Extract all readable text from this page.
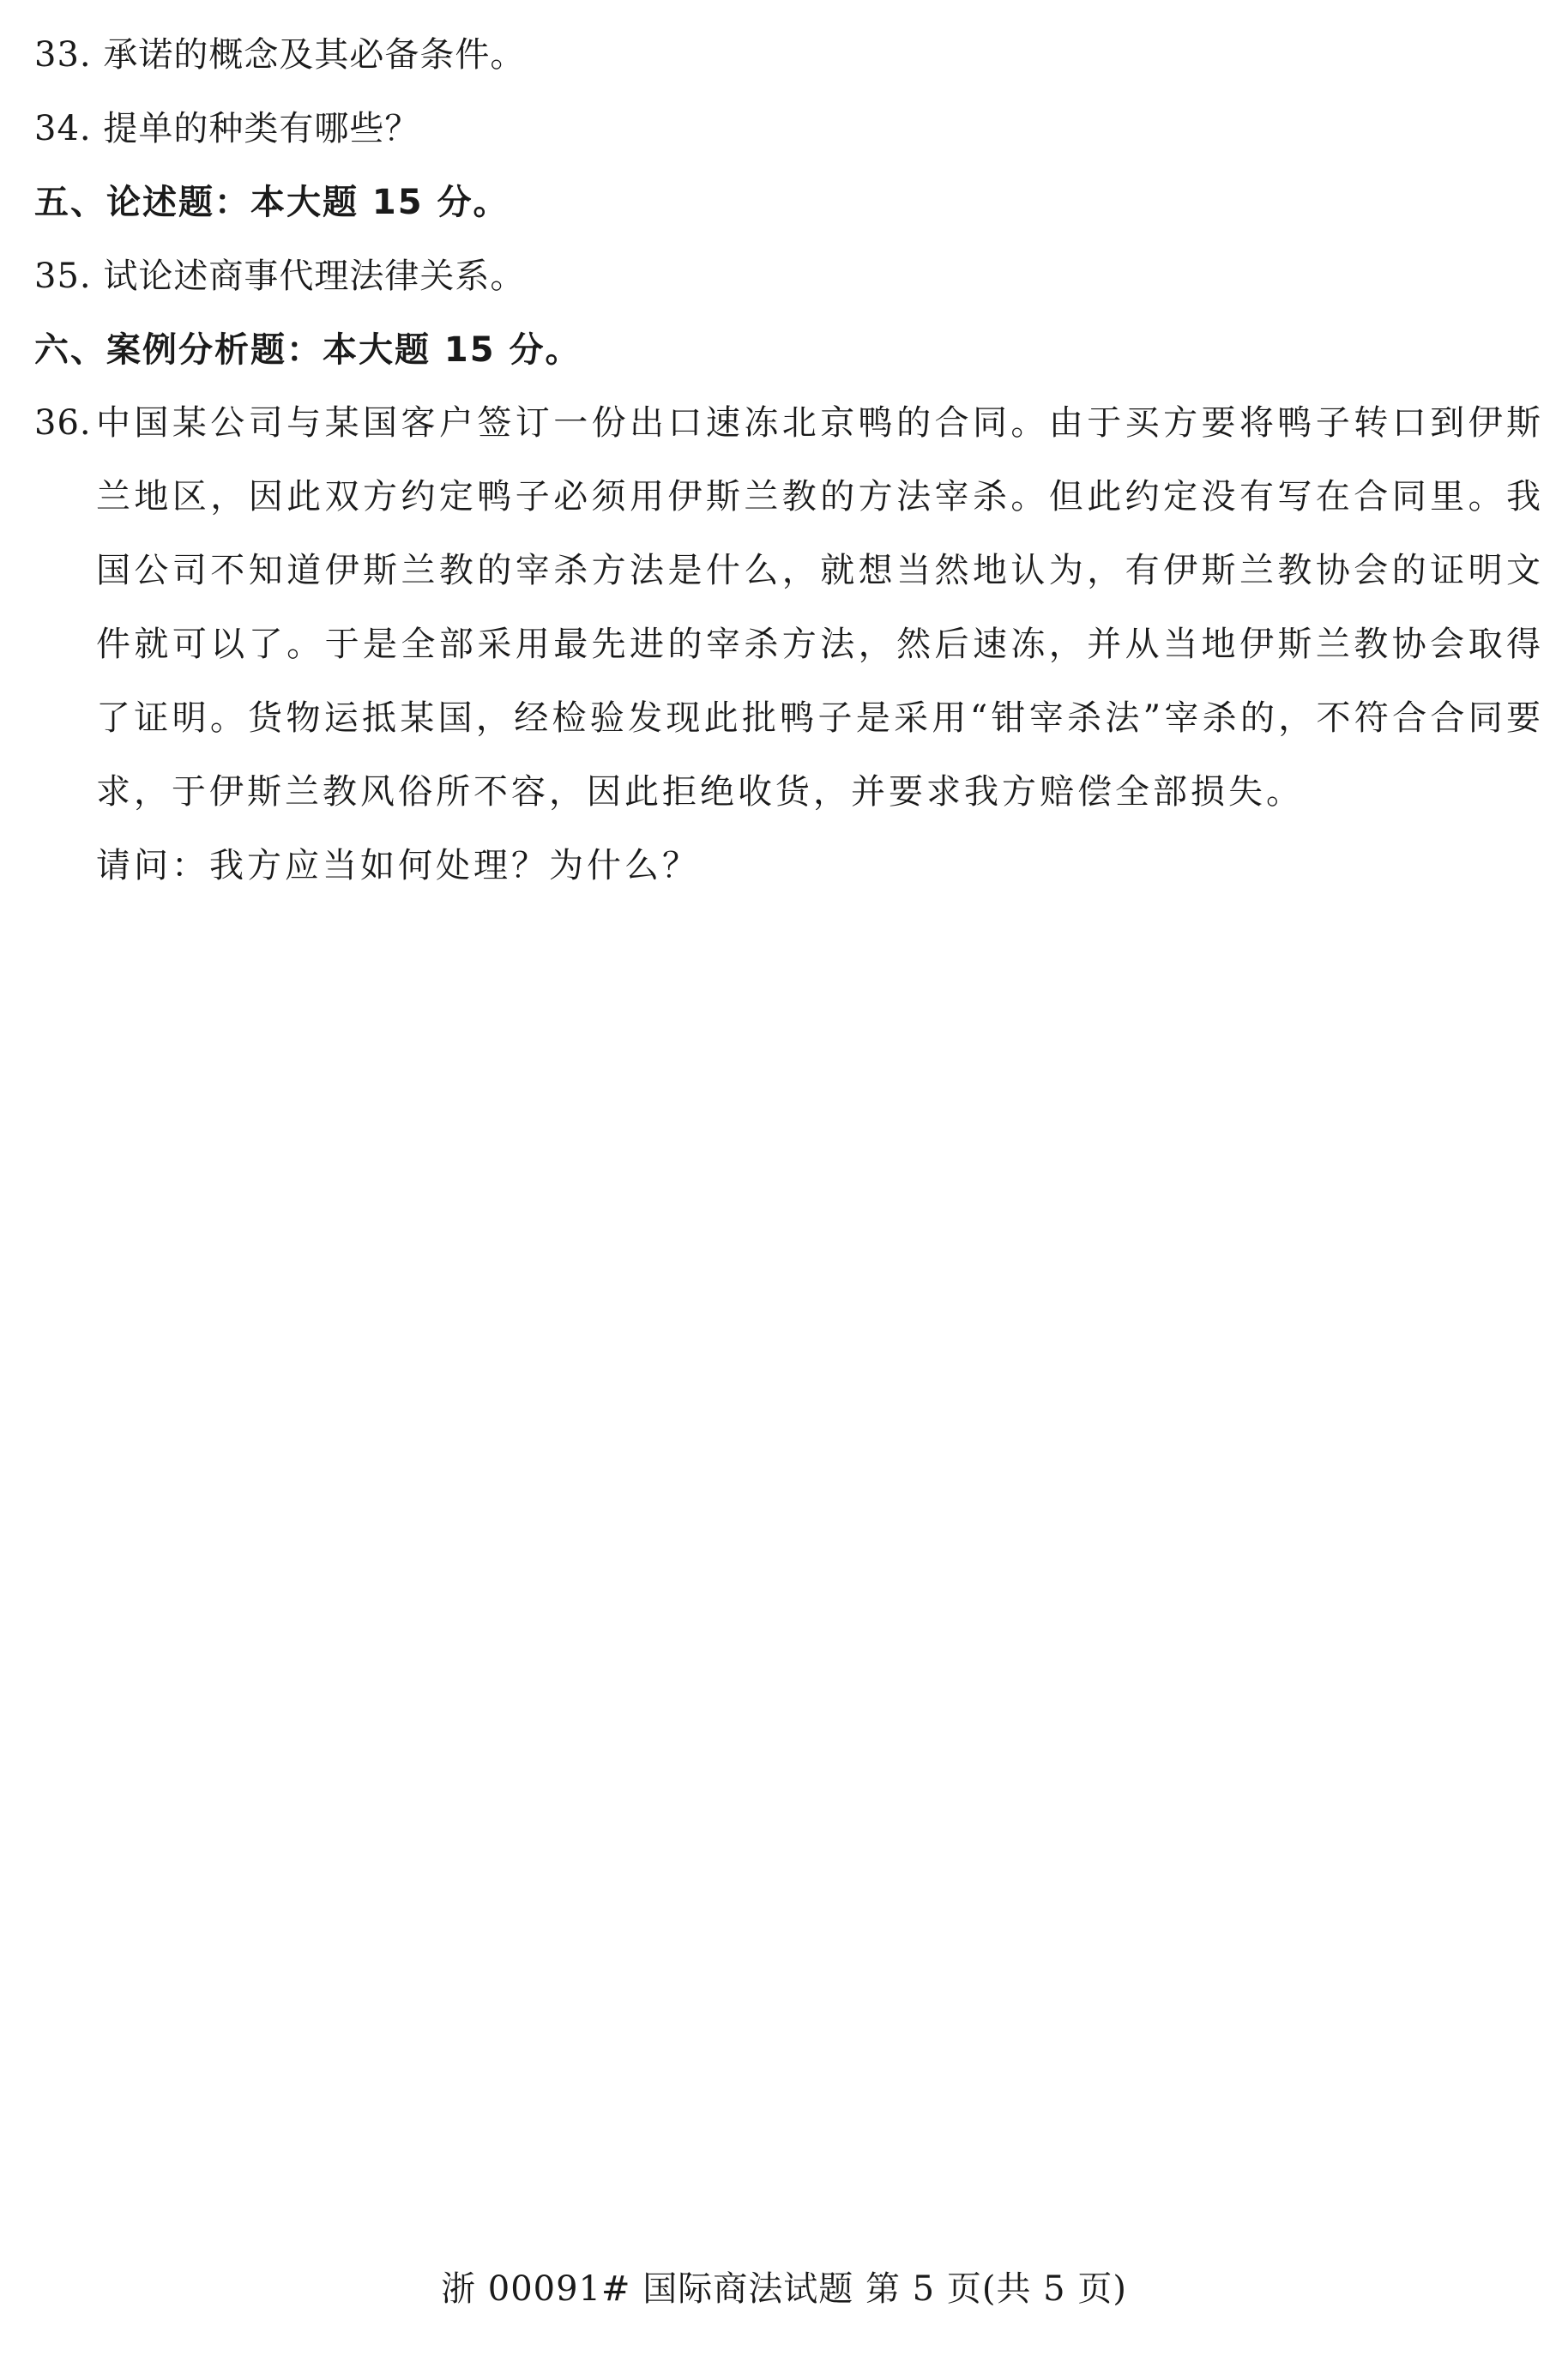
33. 承诺的概念及其必备条件。
34. 提单的种类有哪些？
五、论述题：本大题 15 分。
35. 试论述商事代理法律关系。
六、案例分析题：本大题 15 分。
36. 中国某公司与某国客户签订一份出口速冻北京鸭的合同。由于买方要将鸭子转口到伊斯兰地区，因此双方约定鸭子必须用伊斯兰教的方法宰杀。但此约定没有写在合同里。我国公司不知道伊斯兰教的宰杀方法是什么，就想当然地认为，有伊斯兰教协会的证明文件就可以了。于是全部采用最先进的宰杀方法，然后速冻，并从当地伊斯兰教协会取得了证明。货物运抵某国，经检验发现此批鸭子是采用“钳宰杀法”宰杀的，不符合合同要求，于伊斯兰教风俗所不容，因此拒绝收货，并要求我方赔偿全部损失。
请问：我方应当如何处理？为什么？
浙 00091# 国际商法试题 第 5 页(共 5 页)
